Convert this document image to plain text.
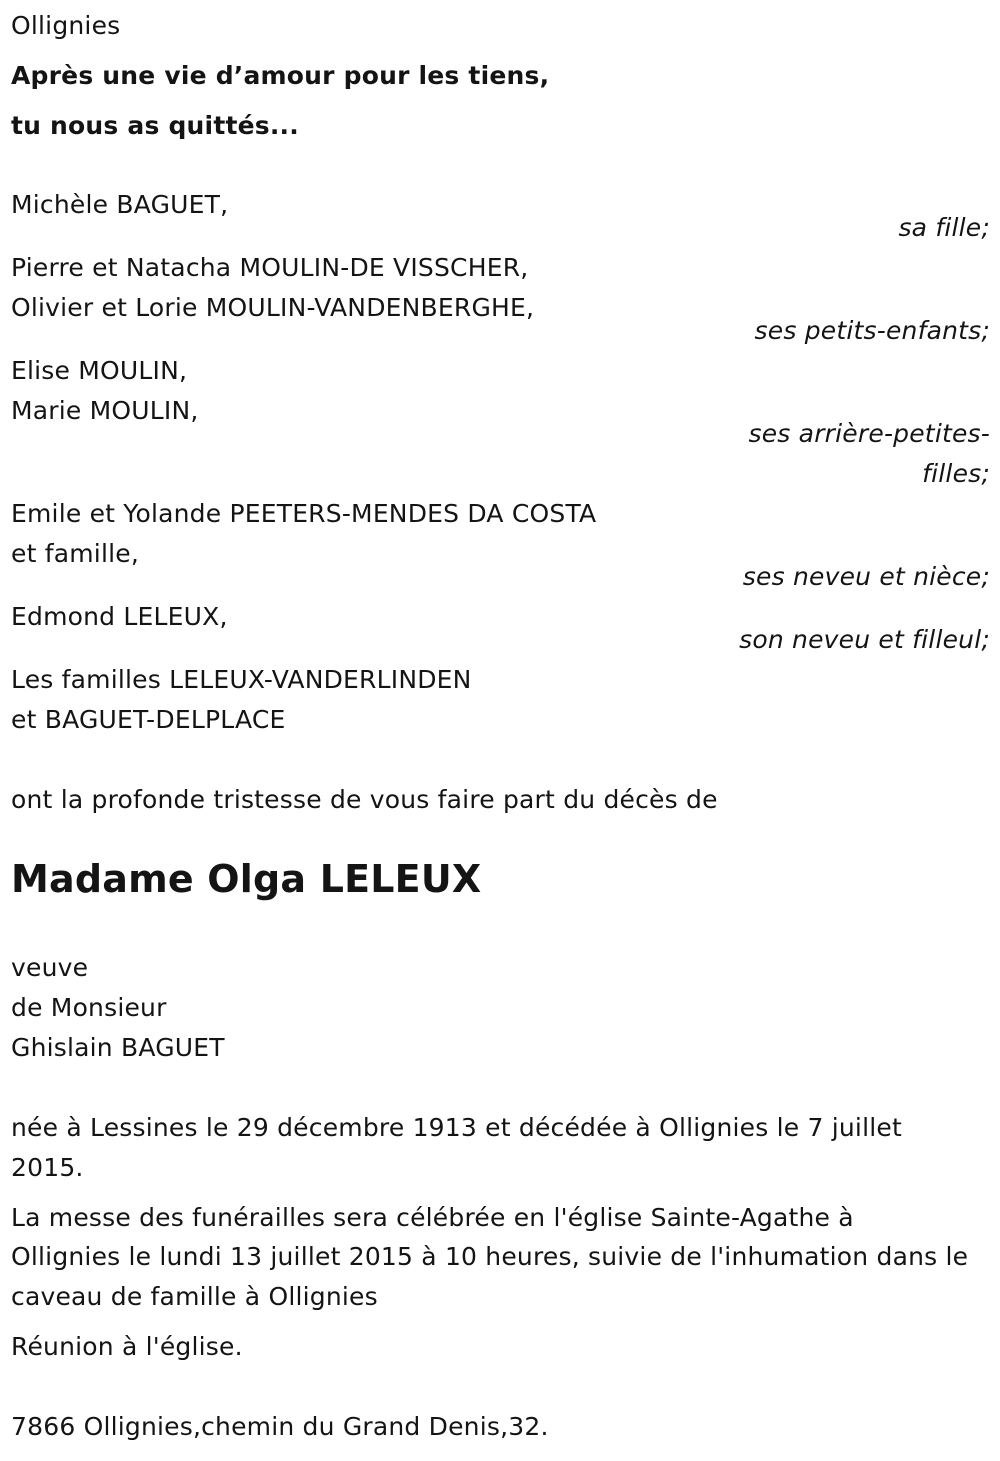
Ollignies
Après une vie d’amour pour les tiens,
tu nous as quittés...
Michèle BAGUET,
sa fille;
Pierre et Natacha MOULIN-DE VISSCHER,
Olivier et Lorie MOULIN-VANDENBERGHE,
ses petits-enfants;
Elise MOULIN,
Marie MOULIN,
ses arrière-petites-
filles;
Emile et Yolande PEETERS-MENDES DA COSTA
et famille,
ses neveu et nièce;
Edmond LELEUX,
son neveu et filleul;
Les familles LELEUX-VANDERLINDEN
et BAGUET-DELPLACE
ont la profonde tristesse de vous faire part du décès de
Madame Olga LELEUX
veuve
de Monsieur
Ghislain BAGUET
née à Lessines le 29 décembre 1913 et décédée à Ollignies le 7 juillet
2015.
La messe des funérailles sera célébrée en l'église Sainte-Agathe à
Ollignies le lundi 13 juillet 2015 à 10 heures, suivie de l'inhumation dans le
caveau de famille à Ollignies
Réunion à l'église.
7866 Ollignies,chemin du Grand Denis,32.
